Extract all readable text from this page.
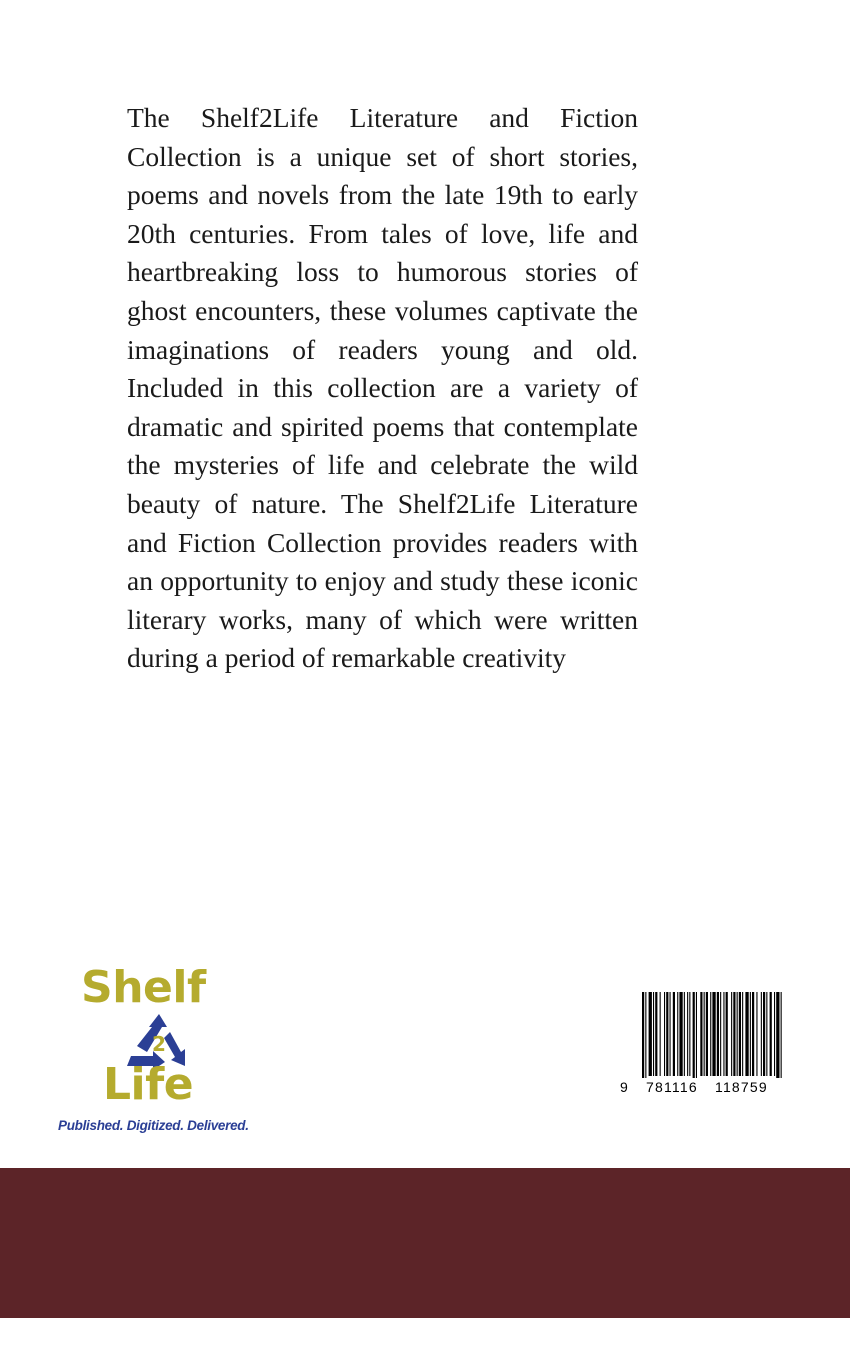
The Shelf2Life Literature and Fiction Collection is a unique set of short stories, poems and novels from the late 19th to early 20th centuries. From tales of love, life and heartbreaking loss to humorous stories of ghost encounters, these volumes captivate the imaginations of readers young and old. Included in this collection are a variety of dramatic and spirited poems that contemplate the mysteries of life and celebrate the wild beauty of nature. The Shelf2Life Literature and Fiction Collection provides readers with an opportunity to enjoy and study these iconic literary works, many of which were written during a period of remarkable creativity

Shelf
2
Life
Published. Digitized. Delivered.
9 781116 118759
